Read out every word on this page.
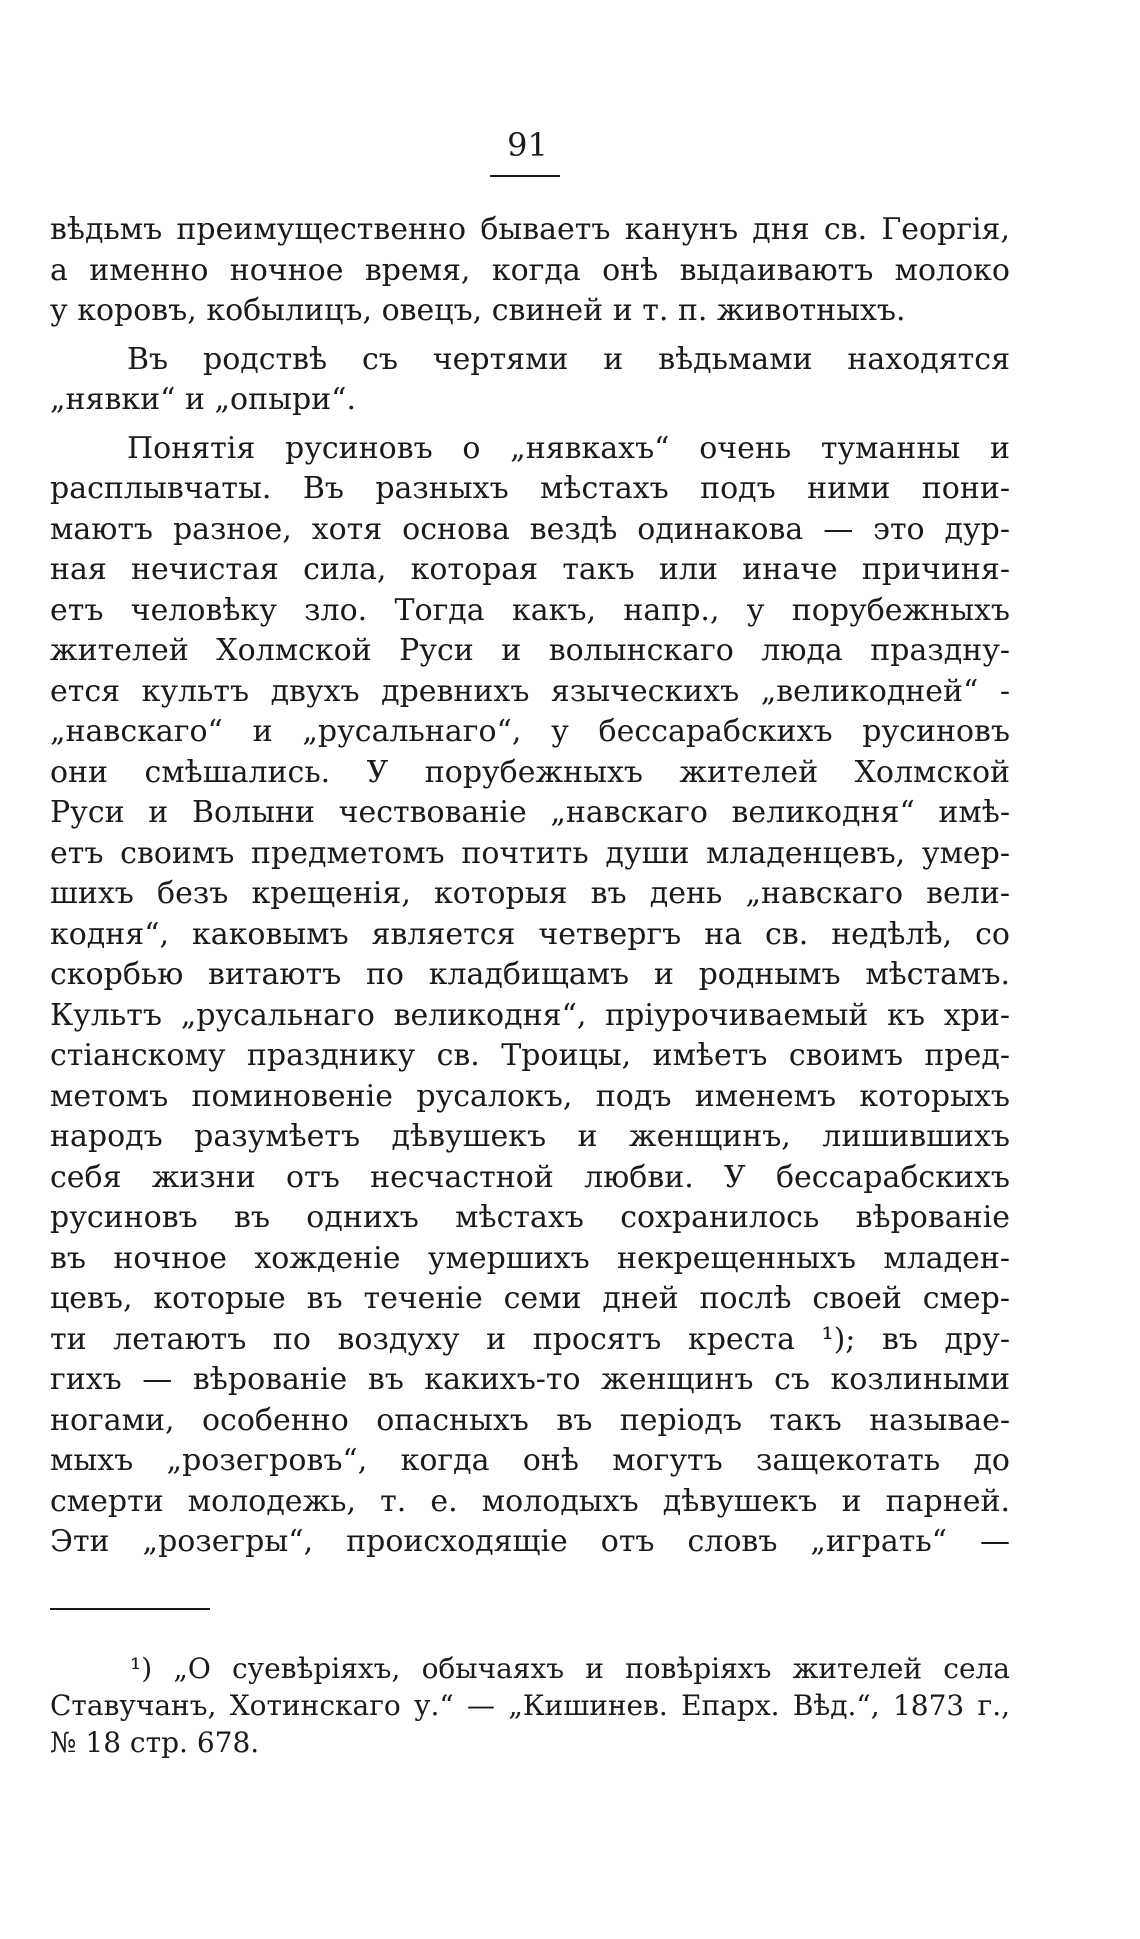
91
вѣдьмъ преимущественно бываетъ канунъ дня св. Георгія,
а именно ночное время, когда онѣ выдаиваютъ молоко
у коровъ, кобылицъ, овецъ, свиней и т. п. животныхъ.
Въ родствѣ съ чертями и вѣдьмами находятся
„нявки“ и „опыри“.
Понятія русиновъ о „нявкахъ“ очень туманны и
расплывчаты. Въ разныхъ мѣстахъ подъ ними пони-
маютъ разное, хотя основа вездѣ одинакова — это дур-
ная нечистая сила, которая такъ или иначе причиня-
етъ человѣку зло. Тогда какъ, напр., у порубежныхъ
жителей Холмской Руси и волынскаго люда праздну-
ется культъ двухъ древнихъ языческихъ „великодней“ -
„навскаго“ и „русальнаго“, у бессарабскихъ русиновъ
они смѣшались. У порубежныхъ жителей Холмской
Руси и Волыни чествованіе „навскаго великодня“ имѣ-
етъ своимъ предметомъ почтить души младенцевъ, умер-
шихъ безъ крещенія, которыя въ день „навскаго вели-
кодня“, каковымъ является четвергъ на св. недѣлѣ, со
скорбью витаютъ по кладбищамъ и роднымъ мѣстамъ.
Культъ „русальнаго великодня“, пріурочиваемый къ хри-
стіанскому празднику св. Троицы, имѣетъ своимъ пред-
метомъ поминовеніе русалокъ, подъ именемъ которыхъ
народъ разумѣетъ дѣвушекъ и женщинъ, лишившихъ
себя жизни отъ несчастной любви. У бессарабскихъ
русиновъ въ однихъ мѣстахъ сохранилось вѣрованіе
въ ночное хожденіе умершихъ некрещенныхъ младен-
цевъ, которые въ теченіе семи дней послѣ своей смер-
ти летаютъ по воздуху и просятъ креста ¹); въ дру-
гихъ — вѣрованіе въ какихъ-то женщинъ съ козлиными
ногами, особенно опасныхъ въ періодъ такъ называе-
мыхъ „розегровъ“, когда онѣ могутъ защекотать до
смерти молодежь, т. е. молодыхъ дѣвушекъ и парней.
Эти „розегры“, происходящіе отъ словъ „играть“ —
¹) „О суевѣріяхъ, обычаяхъ и повѣріяхъ жителей села
Ставучанъ, Хотинскаго у.“ — „Кишинев. Епарх. Вѣд.“, 1873 г.,
№ 18 стр. 678.
